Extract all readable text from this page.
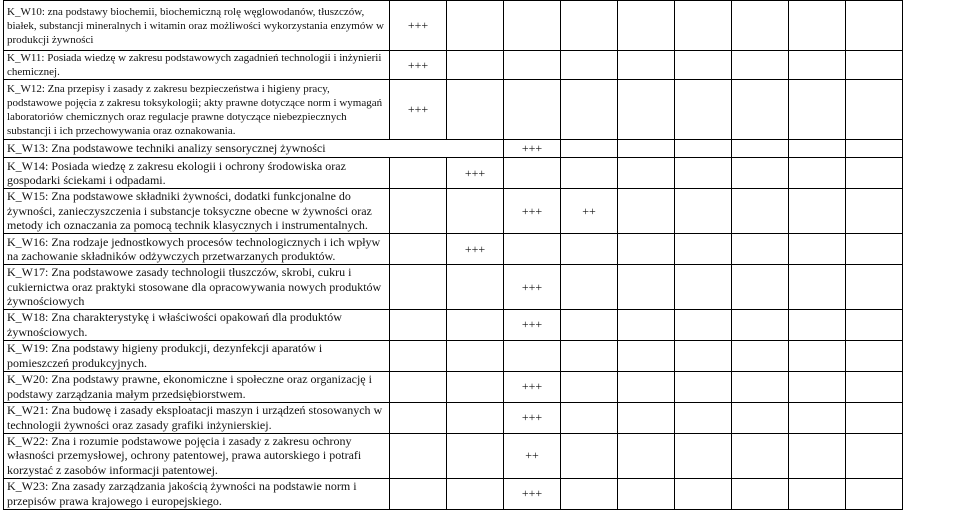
K_W10: zna podstawy biochemii, biochemiczną rolę węglowodanów, tłuszczów, białek, substancji mineralnych i witamin oraz możliwości wykorzystania enzymów w produkcji żywności	+++								
K_W11: Posiada wiedzę w zakresu podstawowych zagadnień technologii i inżynierii chemicznej.	+++								
K_W12: Zna przepisy i zasady z zakresu bezpieczeństwa i higieny pracy, podstawowe pojęcia z zakresu toksykologii; akty prawne dotyczące norm i wymagań laboratoriów chemicznych oraz regulacje prawne dotyczące niebezpiecznych substancji i ich przechowywania oraz oznakowania.	+++								
K_W13: Zna podstawowe techniki analizy sensorycznej żywności			+++						
K_W14: Posiada wiedzę z zakresu ekologii i ochrony środowiska oraz gospodarki ściekami i odpadami.		+++							
K_W15: Zna podstawowe składniki żywności, dodatki funkcjonalne do żywności, zanieczyszczenia i substancje toksyczne obecne w żywności oraz metody ich oznaczania za pomocą technik klasycznych i instrumentalnych.			+++	++					
K_W16: Zna rodzaje jednostkowych procesów technologicznych i ich wpływ na zachowanie składników odżywczych przetwarzanych produktów.		+++							
K_W17: Zna podstawowe zasady technologii tłuszczów, skrobi, cukru i cukiernictwa oraz praktyki stosowane dla opracowywania nowych produktów żywnościowych			+++						
K_W18: Zna charakterystykę i właściwości opakowań dla produktów żywnościowych.			+++						
K_W19: Zna podstawy higieny produkcji, dezynfekcji aparatów i pomieszczeń produkcyjnych.									
K_W20: Zna podstawy prawne, ekonomiczne i społeczne oraz organizację i podstawy zarządzania małym przedsiębiorstwem.			+++						
K_W21: Zna budowę i zasady eksploatacji maszyn i urządzeń stosowanych w technologii żywności oraz zasady grafiki inżynierskiej.			+++						
K_W22: Zna i rozumie podstawowe pojęcia i zasady z zakresu ochrony własności przemysłowej, ochrony patentowej, prawa autorskiego i potrafi korzystać z zasobów informacji patentowej.			++						
K_W23: Zna zasady zarządzania jakością żywności na podstawie norm i przepisów prawa krajowego i europejskiego.			+++						
